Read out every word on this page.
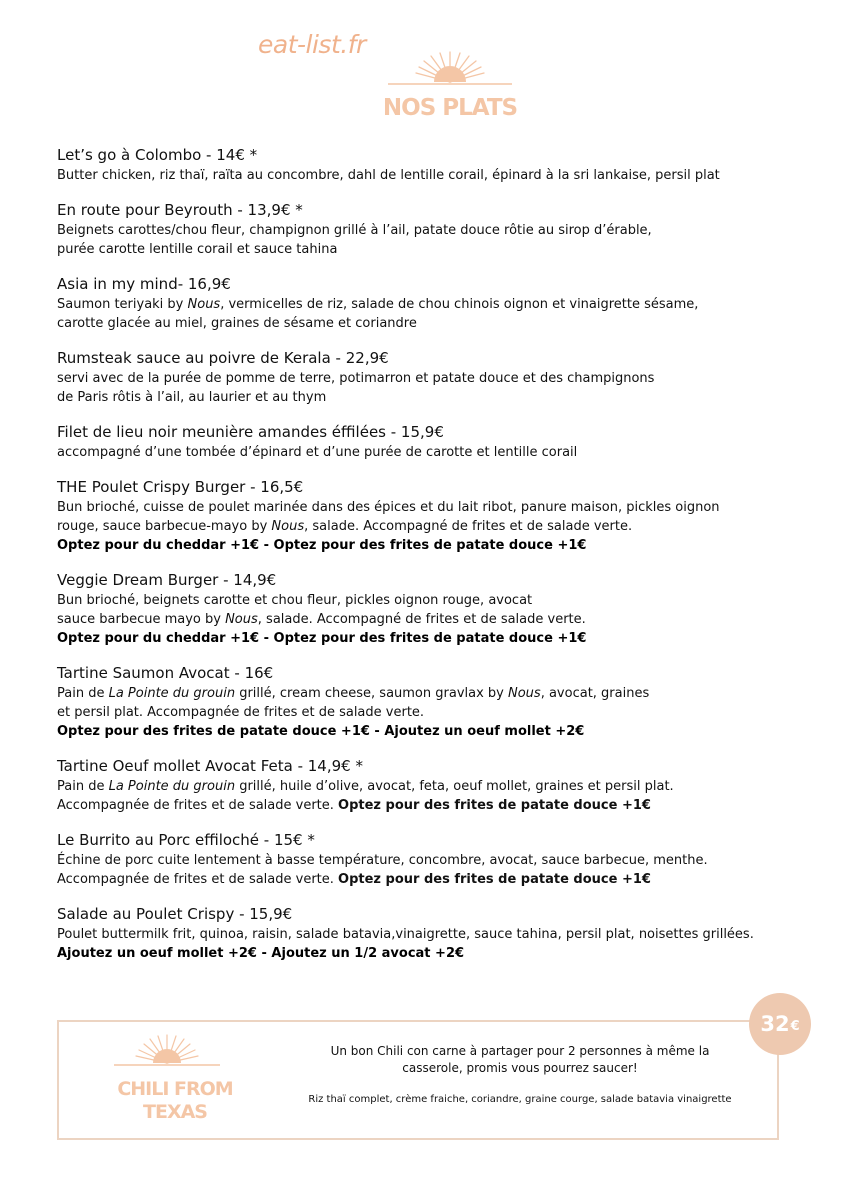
eat-list.fr
NOS PLATS
Let’s go à Colombo - 14€ *
Butter chicken, riz thaï, raïta au concombre, dahl de lentille corail, épinard à la sri lankaise, persil plat
En route pour Beyrouth - 13,9€ *
Beignets carottes/chou fleur, champignon grillé à l’ail, patate douce rôtie au sirop d’érable,
purée carotte lentille corail et sauce tahina
Asia in my mind- 16,9€
Saumon teriyaki by Nous, vermicelles de riz, salade de chou chinois oignon et vinaigrette sésame,
carotte glacée au miel, graines de sésame et coriandre
Rumsteak sauce au poivre de Kerala - 22,9€
servi avec de la purée de pomme de terre, potimarron et patate douce et des champignons
de Paris rôtis à l’ail, au laurier et au thym
Filet de lieu noir meunière amandes éffilées - 15,9€
accompagné d’une tombée d’épinard et d’une purée de carotte et lentille corail
THE Poulet Crispy Burger - 16,5€
Bun brioché, cuisse de poulet marinée dans des épices et du lait ribot, panure maison, pickles oignon
rouge, sauce barbecue-mayo by Nous, salade. Accompagné de frites et de salade verte.
Optez pour du cheddar +1€ - Optez pour des frites de patate douce +1€
Veggie Dream Burger - 14,9€
Bun brioché, beignets carotte et chou fleur, pickles oignon rouge, avocat
sauce barbecue mayo by Nous, salade. Accompagné de frites et de salade verte.
Optez pour du cheddar +1€ - Optez pour des frites de patate douce +1€
Tartine Saumon Avocat - 16€
Pain de La Pointe du grouin grillé, cream cheese, saumon gravlax by Nous, avocat, graines
et persil plat. Accompagnée de frites et de salade verte.
Optez pour des frites de patate douce +1€ - Ajoutez un oeuf mollet +2€
Tartine Oeuf mollet Avocat Feta - 14,9€ *
Pain de La Pointe du grouin grillé, huile d’olive, avocat, feta, oeuf mollet, graines et persil plat.
Accompagnée de frites et de salade verte. Optez pour des frites de patate douce +1€
Le Burrito au Porc effiloché - 15€ *
Échine de porc cuite lentement à basse température, concombre, avocat, sauce barbecue, menthe.
Accompagnée de frites et de salade verte. Optez pour des frites de patate douce +1€
Salade au Poulet Crispy - 15,9€
Poulet buttermilk frit, quinoa, raisin, salade batavia,vinaigrette, sauce tahina, persil plat, noisettes grillées.
Ajoutez un oeuf mollet +2€ - Ajoutez un 1/2 avocat +2€
32 €
CHILI FROM
TEXAS

Un bon Chili con carne à partager pour 2 personnes à même la casserole, promis vous pourrez saucer!

Riz thaï complet, crème fraiche, coriandre, graine courge, salade batavia vinaigrette
